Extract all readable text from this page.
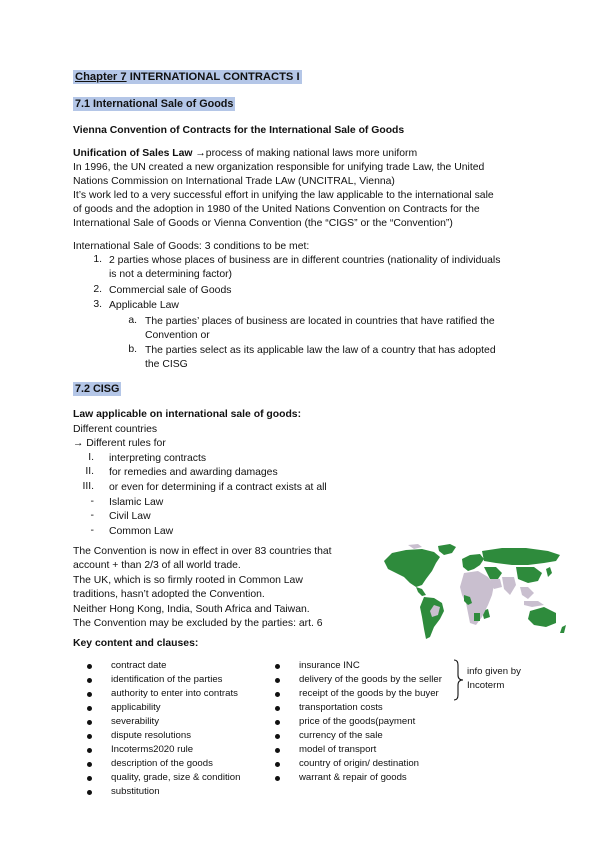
Chapter 7 INTERNATIONAL CONTRACTS I
7.1 International Sale of Goods
Vienna Convention of Contracts for the International Sale of Goods
Unification of Sales Law →process of making national laws more uniform
In 1996, the UN created a new organization responsible for unifying trade Law, the United
Nations Commission on International Trade LAw (UNCITRAL, Vienna)
It’s work led to a very successful effort in unifying the law applicable to the international sale
of goods and the adoption in 1980 of the United Nations Convention on Contracts for the
International Sale of Goods or Vienna Convention (the “CIGS” or the “Convention”)
International Sale of Goods: 3 conditions to be met:
1. 2 parties whose places of business are in different countries (nationality of individuals
is not a determining factor)
2. Commercial sale of Goods
3. Applicable Law
a. The parties’ places of business are located in countries that have ratified the
Convention or
b. The parties select as its applicable law the law of a country that has adopted
the CISG
7.2 CISG
Law applicable on international sale of goods:
Different countries
→ Different rules for
I. interpreting contracts
II. for remedies and awarding damages
III. or even for determining if a contract exists at all
- Islamic Law
- Civil Law
- Common Law
The Convention is now in effect in over 83 countries that
account + than 2/3 of all world trade.
The UK, which is so firmly rooted in Common Law
traditions, hasn’t adopted the Convention.
Neither Hong Kong, India, South Africa and Taiwan.
The Convention may be excluded by the parties: art. 6
Key content and clauses:
contract date
identification of the parties
authority to enter into contrats
applicability
severability
dispute resolutions
Incoterms2020 rule
description of the goods
quality, grade, size & condition
substitution
insurance INC
delivery of the goods by the seller
receipt of the goods by the buyer
transportation costs
price of the goods(payment
currency of the sale
model of transport
country of origin/ destination
warrant & repair of goods
info given by
Incoterm
